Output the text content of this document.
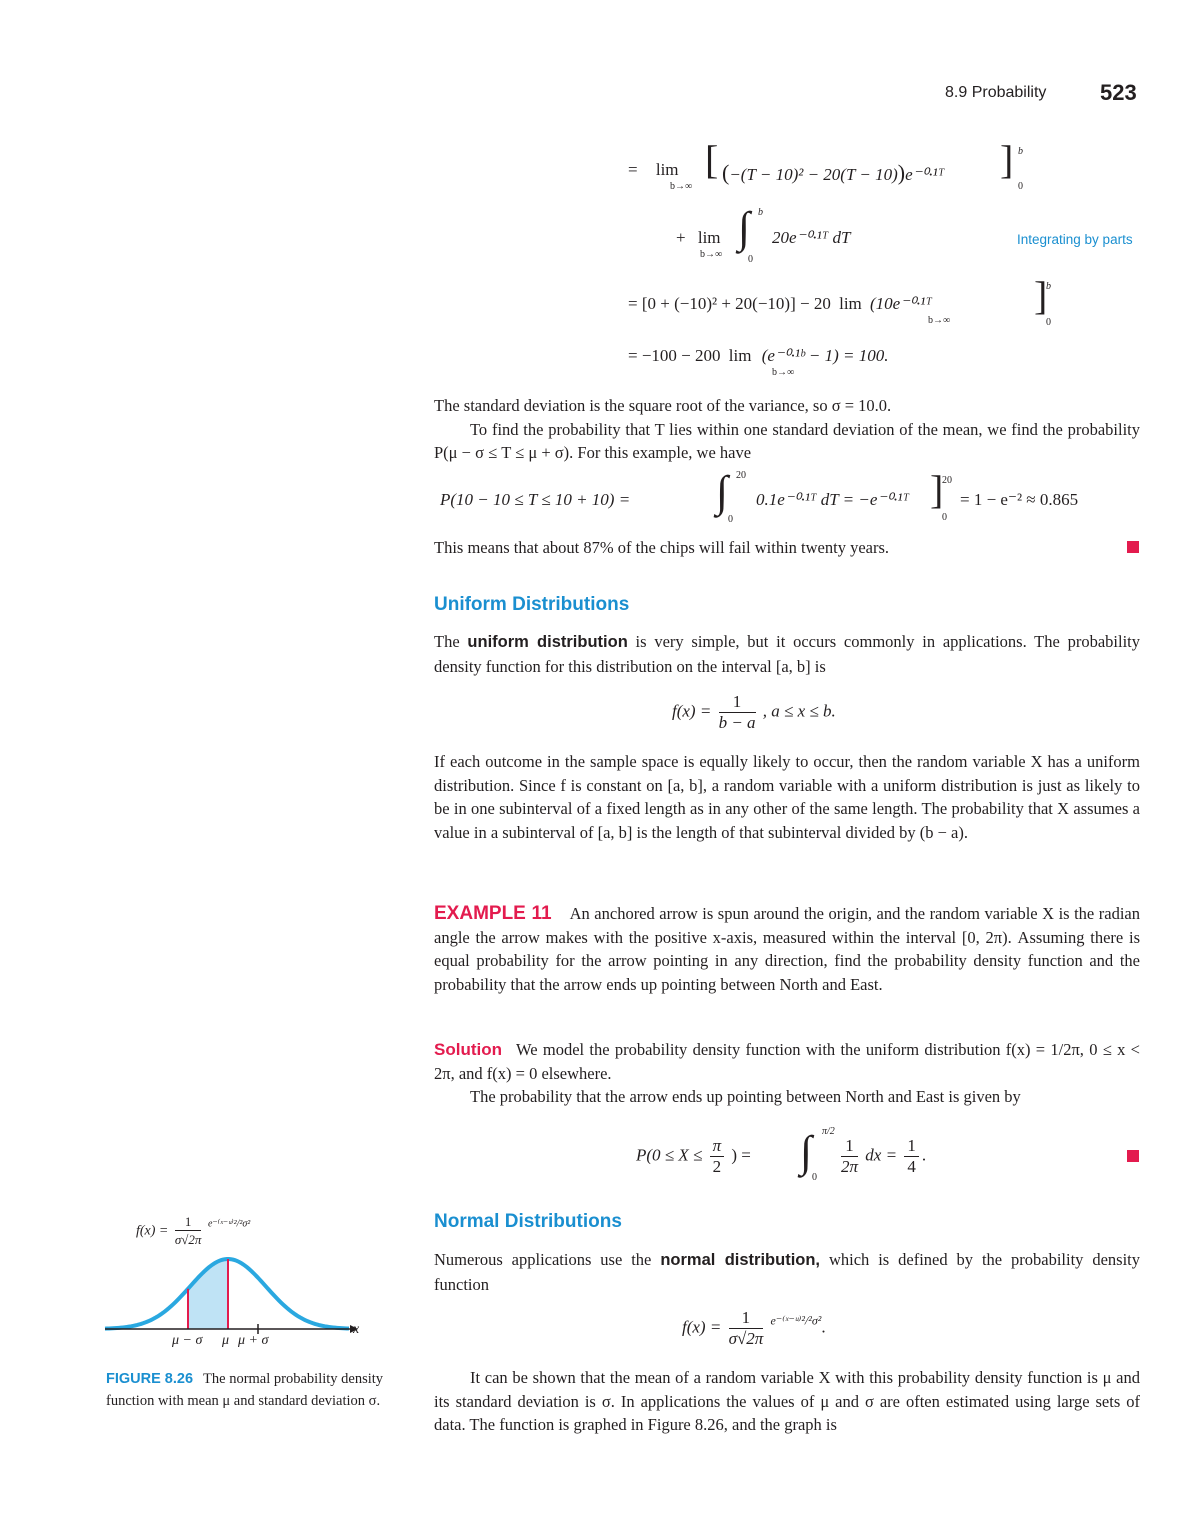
8.9 Probability 523
= lim
b→∞
[ (−(T − 10)² − 20(T − 10))e⁻⁰·¹ᵀ ] b
0
+ lim
b→∞
∫ b
0
20e⁻⁰·¹ᵀ dT	Integrating by parts
= [0 + (−10)² + 20(−10)] − 20 lim (10e⁻⁰·¹ᵀ
b→∞
]
b
0
= −100 − 200 lim (e⁻⁰·¹ᵇ − 1) = 100.
b→∞

The standard deviation is the square root of the variance, so σ = 10.0.

To find the probability that T lies within one standard deviation of the mean, we find the probability P(μ − σ ≤ T ≤ μ + σ). For this example, we have

P(10 − 10 ≤ T ≤ 10 + 10) = ∫ 20
0
0.1e⁻⁰·¹ᵀ dT = −e⁻⁰·¹ᵀ ]
20
0
= 1 − e⁻² ≈ 0.865
This means that about 87% of the chips will fail within twenty years.
Uniform Distributions

The uniform distribution is very simple, but it occurs commonly in applications. The probability density function for this distribution on the interval [a, b] is

$f(x) = \frac{1}{b - a}$ , a ≤ x ≤ b.

If each outcome in the sample space is equally likely to occur, then the random variable X has a uniform distribution. Since f is constant on [a, b], a random variable with a uniform distribution is just as likely to be in one subinterval of a fixed length as in any other of the same length. The probability that X assumes a value in a subinterval of [a, b] is the length of that subinterval divided by (b − a).

EXAMPLE 11 An anchored arrow is spun around the origin, and the random variable X is the radian angle the arrow makes with the positive x-axis, measured within the interval [0, 2π). Assuming there is equal probability for the arrow pointing in any direction, find the probability density function and the probability that the arrow ends up pointing between North and East.

Solution We model the probability density function with the uniform distribution f(x) = 1/2π, 0 ≤ x < 2π, and f(x) = 0 elsewhere.

The probability that the arrow ends up pointing between North and East is given by

$P(0 \le X \le \frac{\pi}{2}$ ) = ∫ π/2
0
$\frac{1}{2\pi}$ dx = $\frac{1}{4}$ .
Normal Distributions

Numerous applications use the normal distribution, which is defined by the probability density function

$f(x) = \frac{1}{\sigma√2\pi} ^{e^{-(}ˣ^-ᵘ^{)2}/^2\sigma^2}$.

It can be shown that the mean of a random variable X with this probability density function is μ and its standard deviation is σ. In applications the values of μ and σ are often estimated using large sets of data. The function is graphed in Figure 8.26, and the graph is

$f(x) = \frac{1}{\sigma√2\pi} ^{e^{-(}ˣ^-ᵘ^{)2}/^2\sigma^2}$
x
μ − σ μ μ + σ
FIGURE 8.26 The normal probability density function with mean μ and standard deviation σ.
